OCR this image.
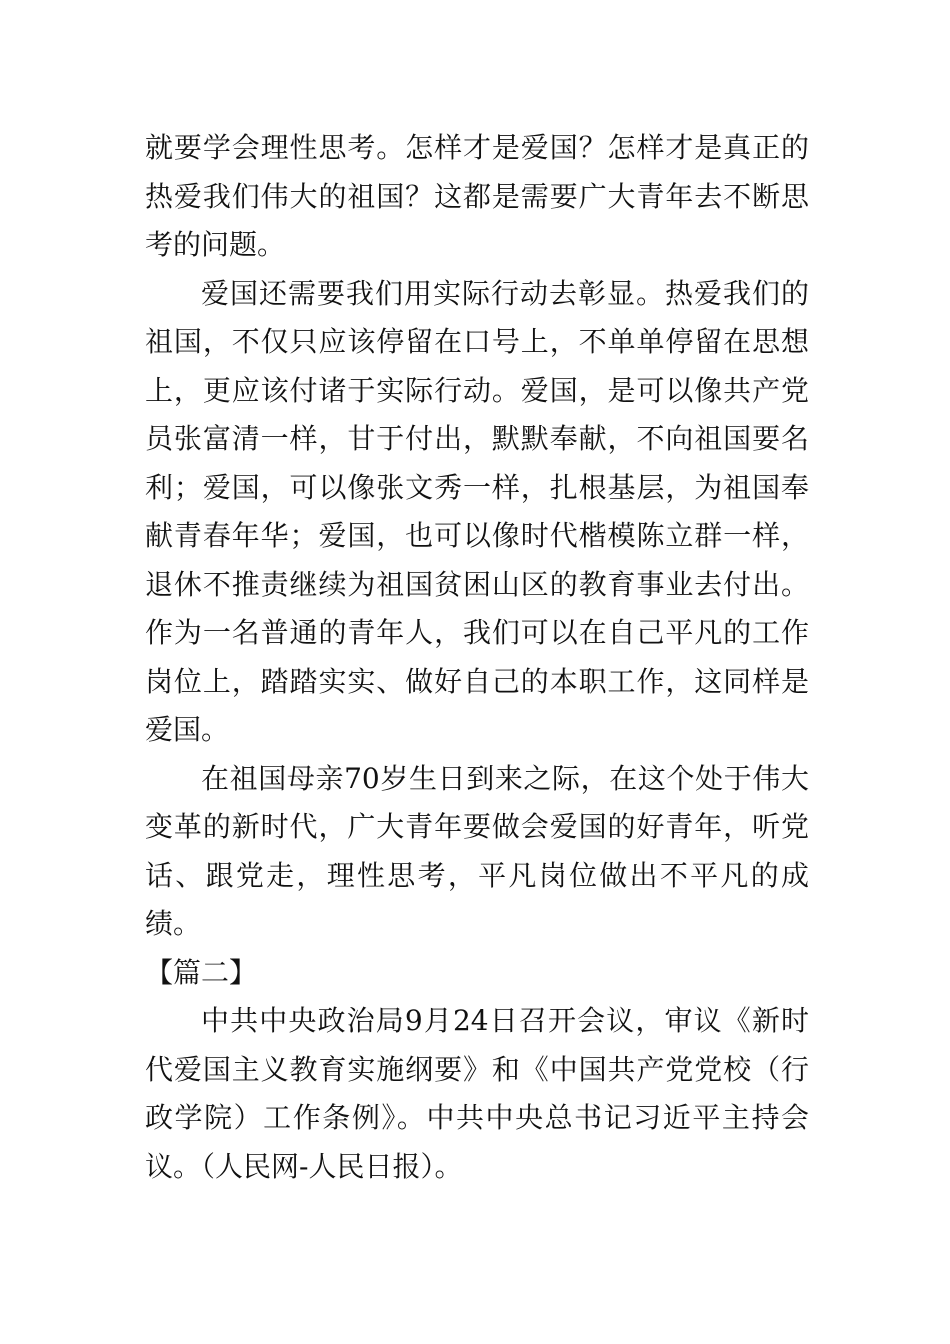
就要学会理性思考。怎样才是爱国？怎样才是真正的热爱我们伟大的祖国？这都是需要广大青年去不断思考的问题。

爱国还需要我们用实际行动去彰显。热爱我们的祖国，不仅只应该停留在口号上，不单单停留在思想上，更应该付诸于实际行动。爱国，是可以像共产党员张富清一样，甘于付出，默默奉献，不向祖国要名利；爱国，可以像张文秀一样，扎根基层，为祖国奉献青春年华；爱国，也可以像时代楷模陈立群一样，退休不推责继续为祖国贫困山区的教育事业去付出。作为一名普通的青年人，我们可以在自己平凡的工作岗位上，踏踏实实、做好自己的本职工作，这同样是爱国。

在祖国母亲70岁生日到来之际，在这个处于伟大变革的新时代，广大青年要做会爱国的好青年，听党话、跟党走，理性思考，平凡岗位做出不平凡的成绩。

【篇二】

中共中央政治局9月24日召开会议，审议《新时代爱国主义教育实施纲要》和《中国共产党党校（行政学院）工作条例》。中共中央总书记习近平主持会议。（人民网-人民日报）。
